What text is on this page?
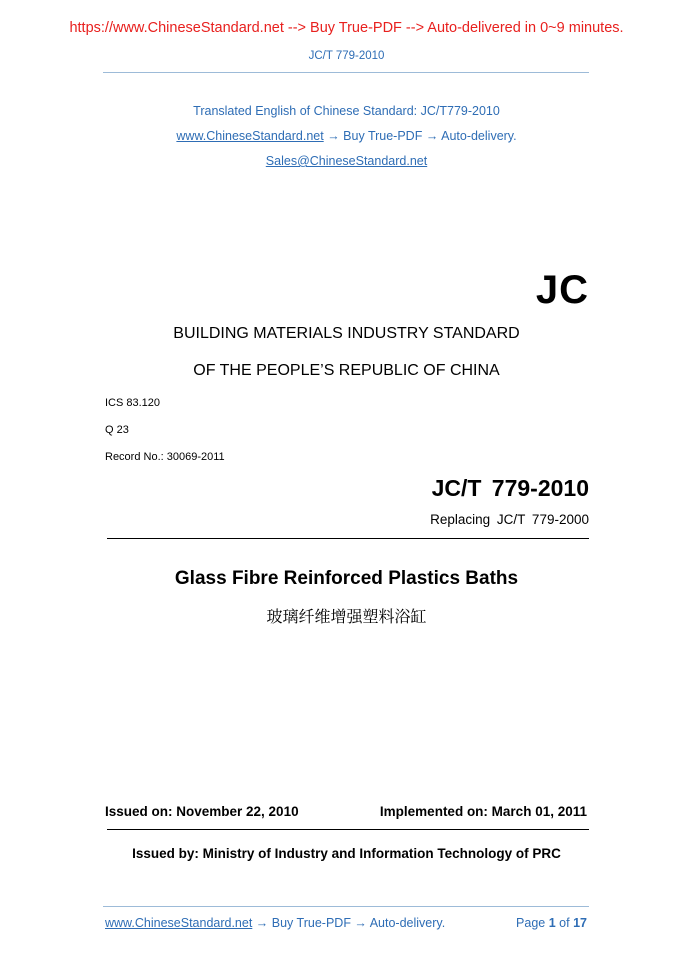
https://www.ChineseStandard.net --> Buy True-PDF --> Auto-delivered in 0~9 minutes.
JC/T 779-2010
Translated English of Chinese Standard: JC/T779-2010
www.ChineseStandard.net → Buy True-PDF → Auto-delivery.
Sales@ChineseStandard.net
JC
BUILDING MATERIALS INDUSTRY STANDARD
OF THE PEOPLE’S REPUBLIC OF CHINA
ICS 83.120
Q 23
Record No.: 30069-2011
JC/T 779-2010
Replacing JC/T 779-2000
Glass Fibre Reinforced Plastics Baths
玻璃纤维增强塑料浴缸
Issued on: November 22, 2010	Implemented on: March 01, 2011
Issued by: Ministry of Industry and Information Technology of PRC
www.ChineseStandard.net → Buy True-PDF → Auto-delivery.	Page 1 of 17
